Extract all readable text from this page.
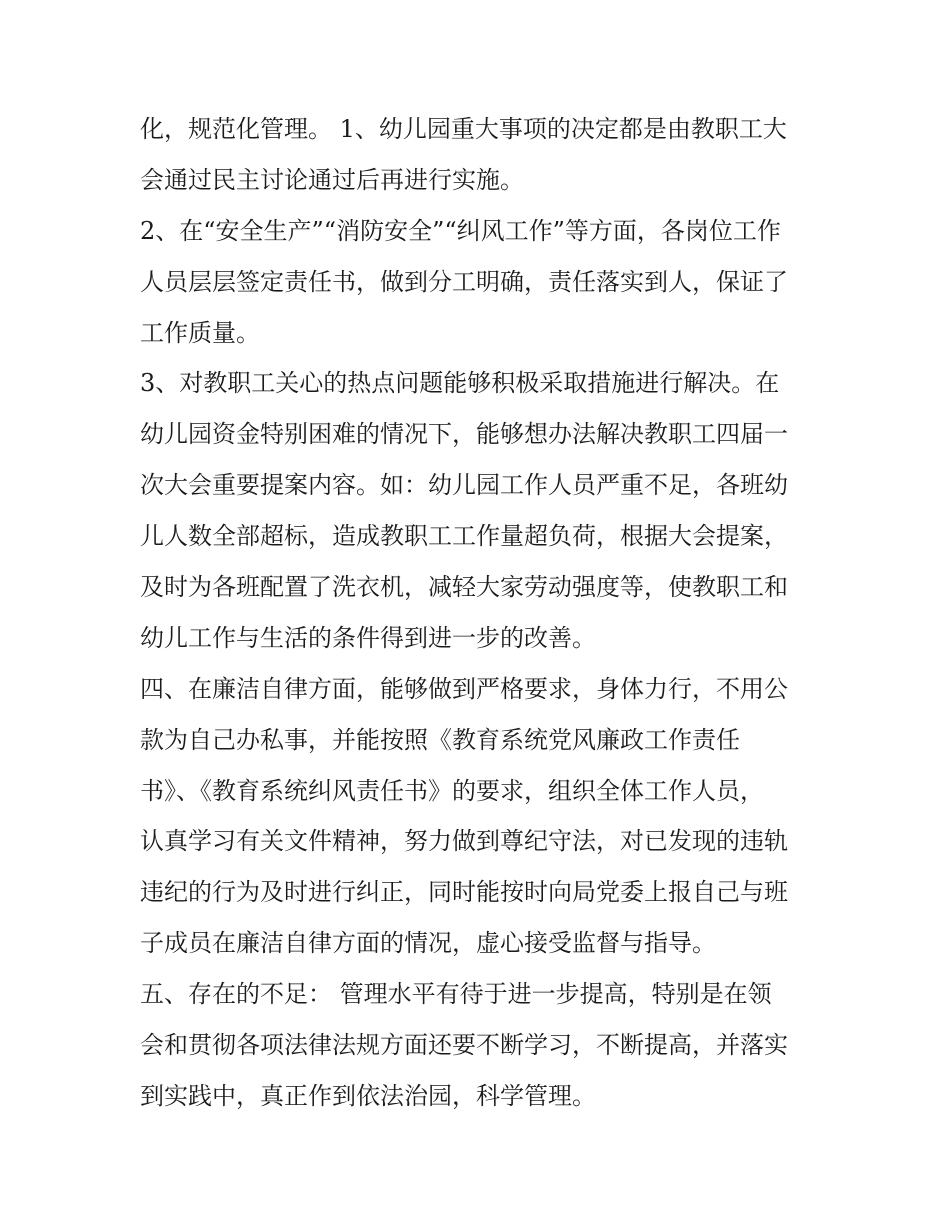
化，规范化管理。 1、幼儿园重大事项的决定都是由教职工大
会通过民主讨论通过后再进行实施。
2、在“安全生产”“消防安全”“纠风工作”等方面，各岗位工作
人员层层签定责任书，做到分工明确，责任落实到人，保证了
工作质量。
3、对教职工关心的热点问题能够积极采取措施进行解决。在
幼儿园资金特别困难的情况下，能够想办法解决教职工四届一
次大会重要提案内容。如：幼儿园工作人员严重不足，各班幼
儿人数全部超标，造成教职工工作量超负荷，根据大会提案，
及时为各班配置了洗衣机，减轻大家劳动强度等，使教职工和
幼儿工作与生活的条件得到进一步的改善。
四、在廉洁自律方面，能够做到严格要求，身体力行，不用公
款为自己办私事，并能按照《教育系统党风廉政工作责任
书》、《教育系统纠风责任书》的要求，组织全体工作人员，
认真学习有关文件精神，努力做到尊纪守法，对已发现的违轨
违纪的行为及时进行纠正，同时能按时向局党委上报自己与班
子成员在廉洁自律方面的情况，虚心接受监督与指导。
五、存在的不足： 管理水平有待于进一步提高，特别是在领
会和贯彻各项法律法规方面还要不断学习，不断提高，并落实
到实践中，真正作到依法治园，科学管理。
